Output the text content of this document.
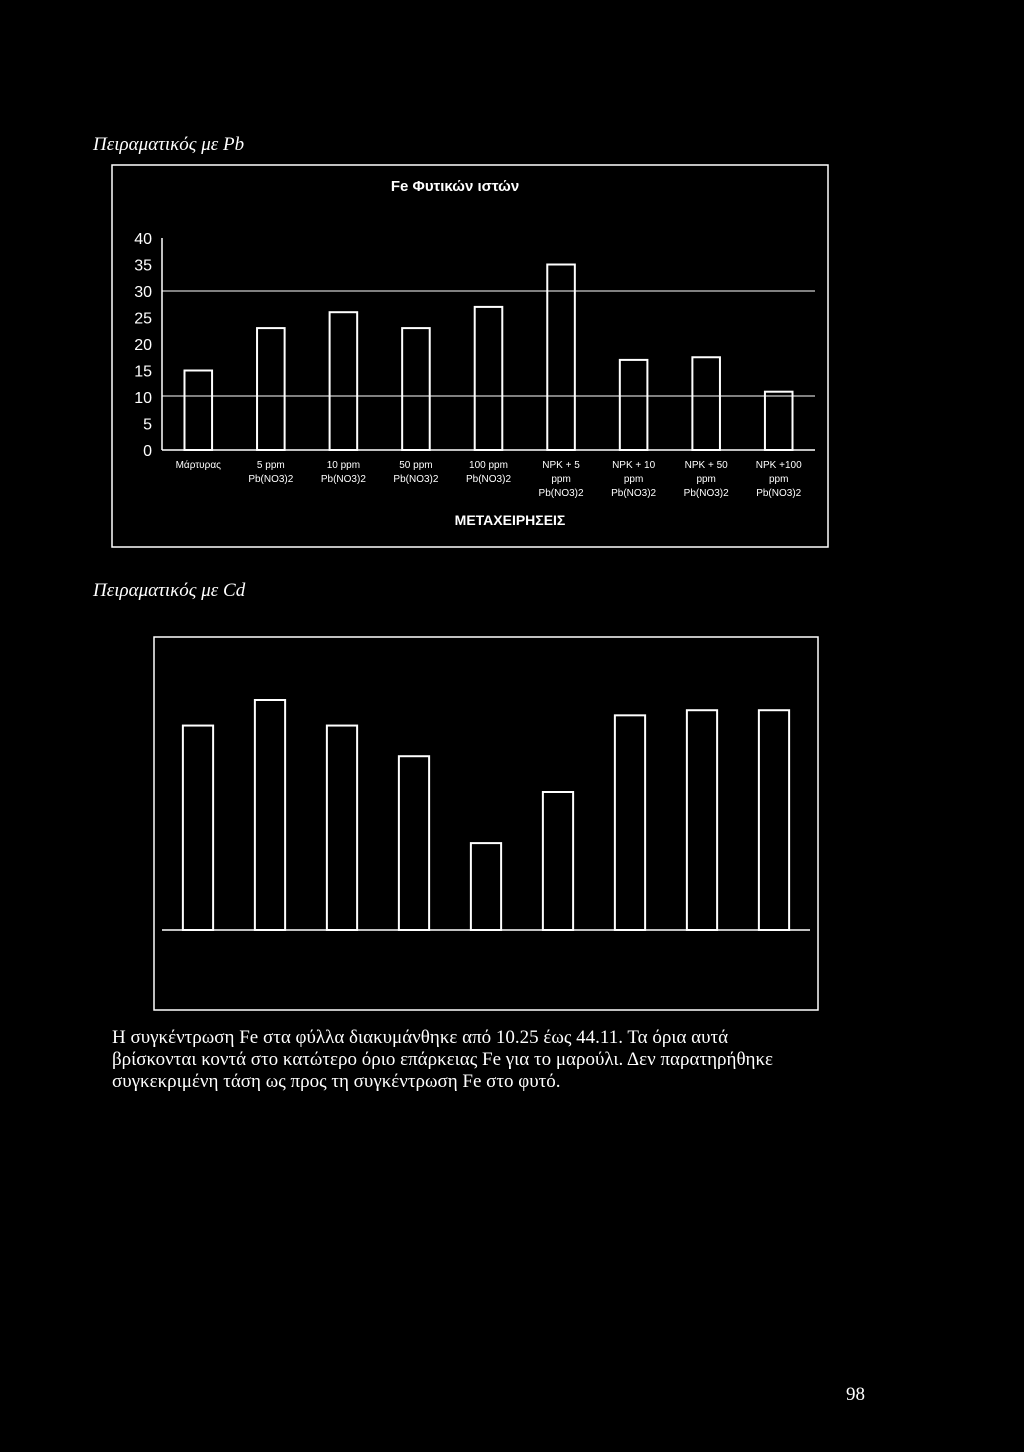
Πειραματικός με Pb
Fe Φυτικών ιστών
40
35
30
25
20
15
10
5
0
Μάρτυρας	5 ppm
Pb(NO3)2
10 ppm
Pb(NO3)2
50 ppm
Pb(NO3)2
100 ppm
Pb(NO3)2
NPK + 5
ppm
Pb(NO3)2
NPK + 10
ppm
Pb(NO3)2
NPK + 50
ppm
Pb(NO3)2
NPK +100
ppm
Pb(NO3)2
ΜΕΤΑΧΕΙΡΗΣΕΙΣ
Πειραματικός με Cd
Η συγκέντρωση Fe στα φύλλα διακυμάνθηκε από 10.25 έως 44.11. Τα όρια αυτά
βρίσκονται κοντά στο κατώτερο όριο επάρκειας Fe για το μαρούλι. Δεν παρατηρήθηκε
συγκεκριμένη τάση ως προς τη συγκέντρωση Fe στο φυτό.
98
